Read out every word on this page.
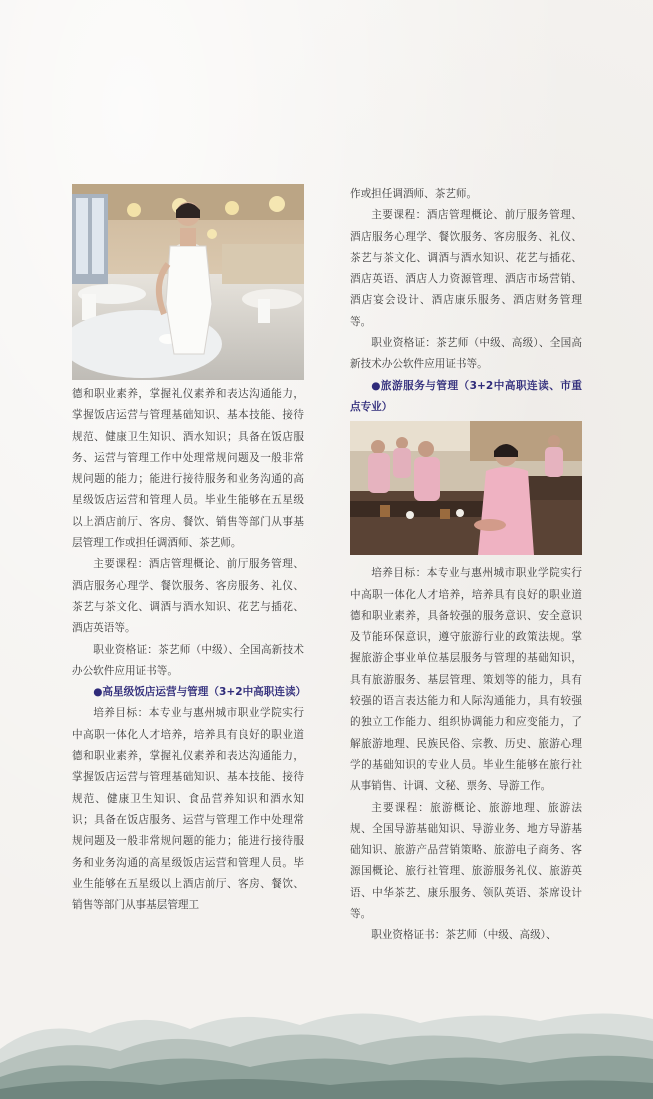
德和职业素养，掌握礼仪素养和表达沟通能力，掌握饭店运营与管理基础知识、基本技能、接待规范、健康卫生知识、酒水知识；具备在饭店服务、运营与管理工作中处理常规问题及一般非常规问题的能力；能进行接待服务和业务沟通的高星级饭店运营和管理人员。毕业生能够在五星级以上酒店前厅、客房、餐饮、销售等部门从事基层管理工作或担任调酒师、茶艺师。

主要课程：酒店管理概论、前厅服务管理、酒店服务心理学、餐饮服务、客房服务、礼仪、茶艺与茶文化、调酒与酒水知识、花艺与插花、酒店英语等。

职业资格证：茶艺师（中级）、全国高新技术办公软件应用证书等。

●高星级饭店运营与管理（3+2中高职连读）

培养目标：本专业与惠州城市职业学院实行中高职一体化人才培养，培养具有良好的职业道德和职业素养，掌握礼仪素养和表达沟通能力，掌握饭店运营与管理基础知识、基本技能、接待规范、健康卫生知识、食品营养知识和酒水知识；具备在饭店服务、运营与管理工作中处理常规问题及一般非常规问题的能力；能进行接待服务和业务沟通的高星级饭店运营和管理人员。毕业生能够在五星级以上酒店前厅、客房、餐饮、销售等部门从事基层管理工

作或担任调酒师、茶艺师。

主要课程：酒店管理概论、前厅服务管理、酒店服务心理学、餐饮服务、客房服务、礼仪、茶艺与茶文化、调酒与酒水知识、花艺与插花、酒店英语、酒店人力资源管理、酒店市场营销、酒店宴会设计、酒店康乐服务、酒店财务管理等。

职业资格证：茶艺师（中级、高级）、全国高新技术办公软件应用证书等。

●旅游服务与管理（3+2中高职连读、市重点专业）

培养目标：本专业与惠州城市职业学院实行中高职一体化人才培养，培养具有良好的职业道德和职业素养，具备较强的服务意识、安全意识及节能环保意识，遵守旅游行业的政策法规。掌握旅游企事业单位基层服务与管理的基础知识，具有旅游服务、基层管理、策划等的能力，具有较强的语言表达能力和人际沟通能力，具有较强的独立工作能力、组织协调能力和应变能力，了解旅游地理、民族民俗、宗教、历史、旅游心理学的基础知识的专业人员。毕业生能够在旅行社从事销售、计调、文秘、票务、导游工作。

主要课程：旅游概论、旅游地理、旅游法规、全国导游基础知识、导游业务、地方导游基础知识、旅游产品营销策略、旅游电子商务、客源国概论、旅行社管理、旅游服务礼仪、旅游英语、中华茶艺、康乐服务、领队英语、茶席设计等。

职业资格证书：茶艺师（中级、高级）、
